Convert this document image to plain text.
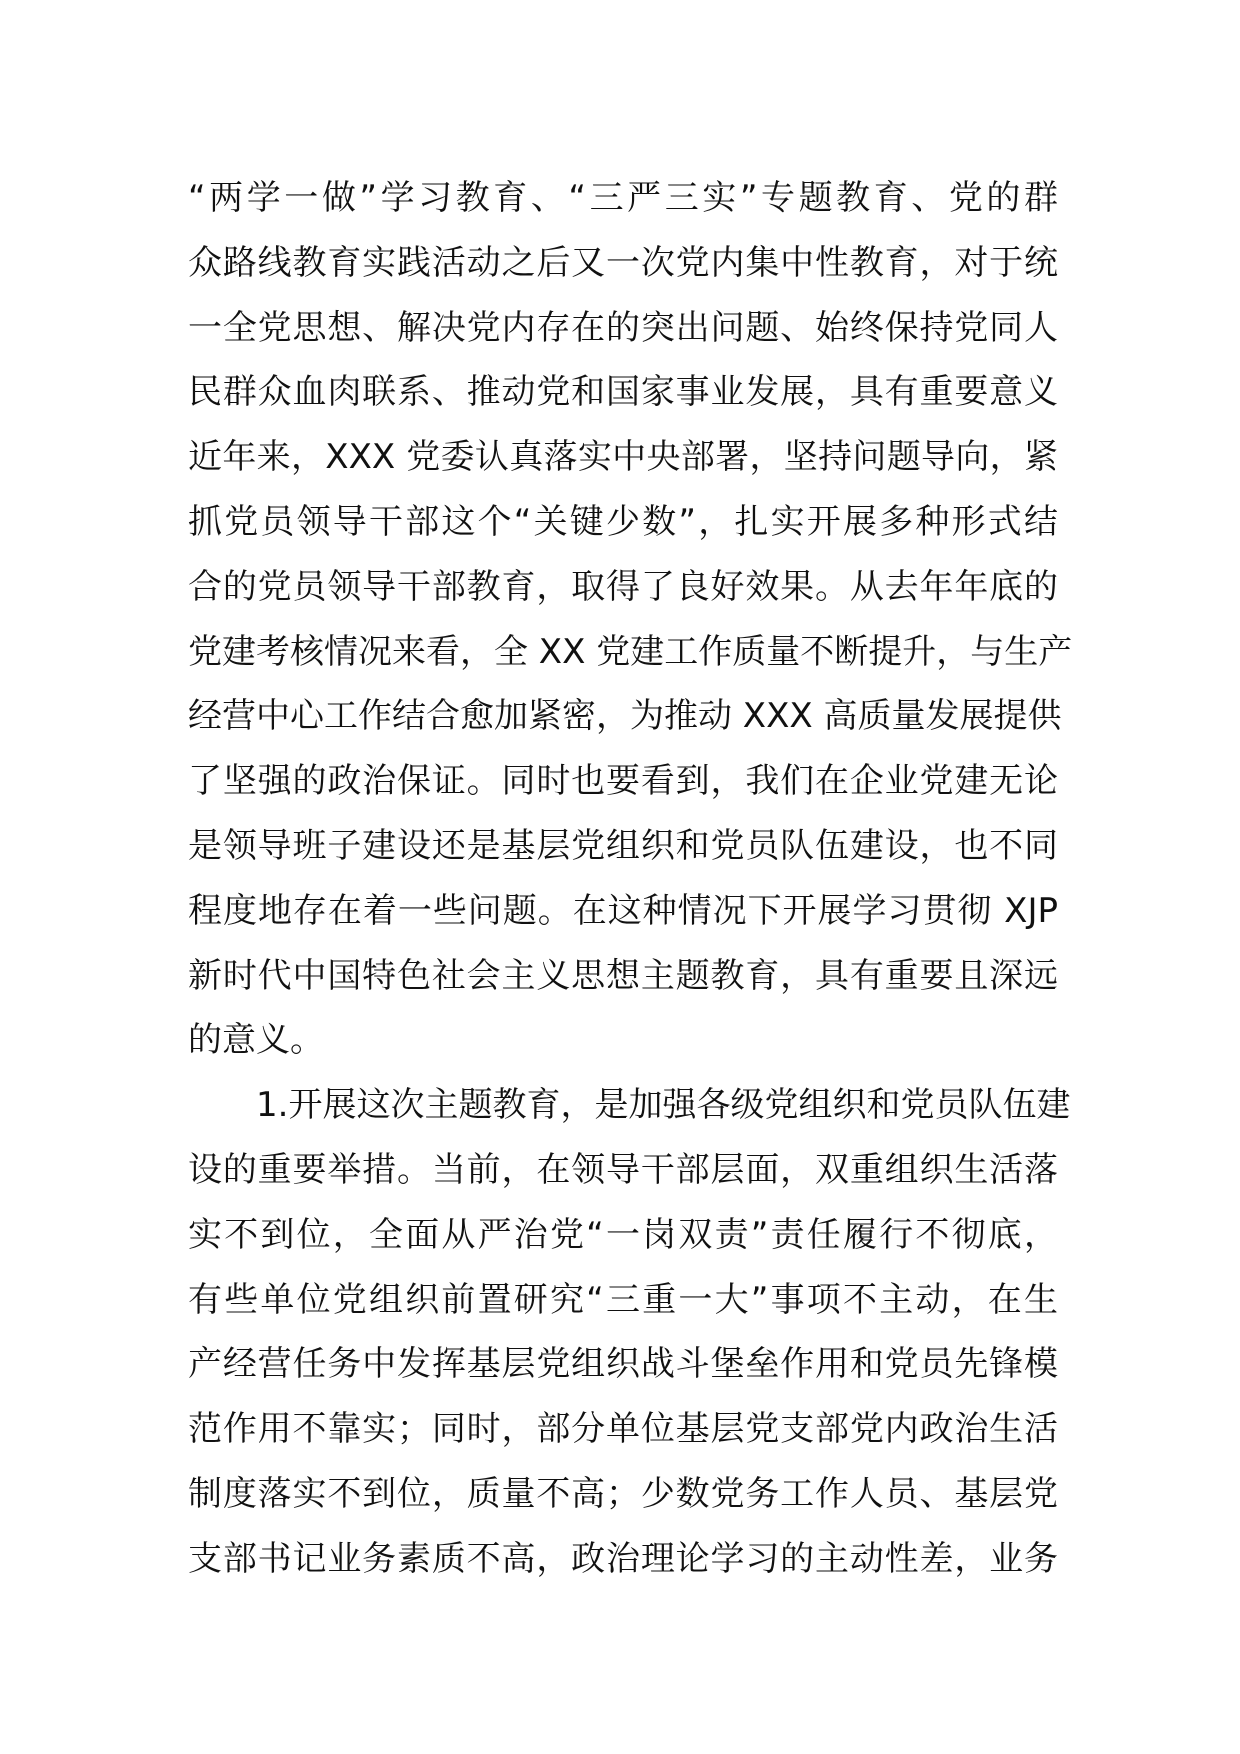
“两学一做”学习教育、“三严三实”专题教育、党的群
众路线教育实践活动之后又一次党内集中性教育，对于统
一全党思想、解决党内存在的突出问题、始终保持党同人
民群众血肉联系、推动党和国家事业发展，具有重要意义
近年来，XXX 党委认真落实中央部署，坚持问题导向，紧
抓党员领导干部这个“关键少数”，扎实开展多种形式结
合的党员领导干部教育，取得了良好效果。从去年年底的
党建考核情况来看，全 XX 党建工作质量不断提升，与生产
经营中心工作结合愈加紧密，为推动 XXX 高质量发展提供
了坚强的政治保证。同时也要看到，我们在企业党建无论
是领导班子建设还是基层党组织和党员队伍建设，也不同
程度地存在着一些问题。在这种情况下开展学习贯彻 XJP
新时代中国特色社会主义思想主题教育，具有重要且深远
的意义。
1.开展这次主题教育，是加强各级党组织和党员队伍建
设的重要举措。当前，在领导干部层面，双重组织生活落
实不到位，全面从严治党“一岗双责”责任履行不彻底，
有些单位党组织前置研究“三重一大”事项不主动，在生
产经营任务中发挥基层党组织战斗堡垒作用和党员先锋模
范作用不靠实；同时，部分单位基层党支部党内政治生活
制度落实不到位，质量不高；少数党务工作人员、基层党
支部书记业务素质不高，政治理论学习的主动性差，业务
